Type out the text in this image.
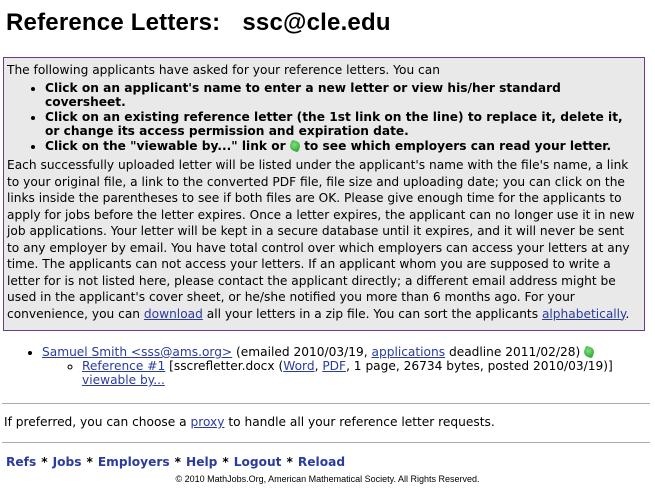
Reference Letters: ssc@cle.edu

The following applicants have asked for your reference letters. You can

• Click on an applicant's name to enter a new letter or view his/her standard coversheet.
• Click on an existing reference letter (the 1st link on the line) to replace it, delete it, or change its access permission and expiration date.
• Click on the "viewable by..." link or to see which employers can read your letter.

Each successfully uploaded letter will be listed under the applicant's name with the file's name, a link to your original file, a link to the converted PDF file, file size and uploading date; you can click on the links inside the parentheses to see if both files are OK. Please give enough time for the applicants to apply for jobs before the letter expires. Once a letter expires, the applicant can no longer use it in new job applications. Your letter will be kept in a secure database until it expires, and it will never be sent to any employer by email. You have total control over which employers can access your letters at any time. The applicants can not access your letters. If an applicant whom you are supposed to write a letter for is not listed here, please contact the applicant directly; a different email address might be used in the applicant's cover sheet, or he/she notified you more than 6 months ago. For your convenience, you can download all your letters in a zip file. You can sort the applicants alphabetically.

• Samuel Smith <sss@ams.org> (emailed 2010/03/19, applications deadline 2011/02/28)
◦ Reference #1 [sscrefletter.docx (Word, PDF, 1 page, 26734 bytes, posted 2010/03/19)]
viewable by...
If preferred, you can choose a proxy to handle all your reference letter requests.
Refs * Jobs * Employers * Help * Logout * Reload
© 2010 MathJobs.Org, American Mathematical Society. All Rights Reserved.
